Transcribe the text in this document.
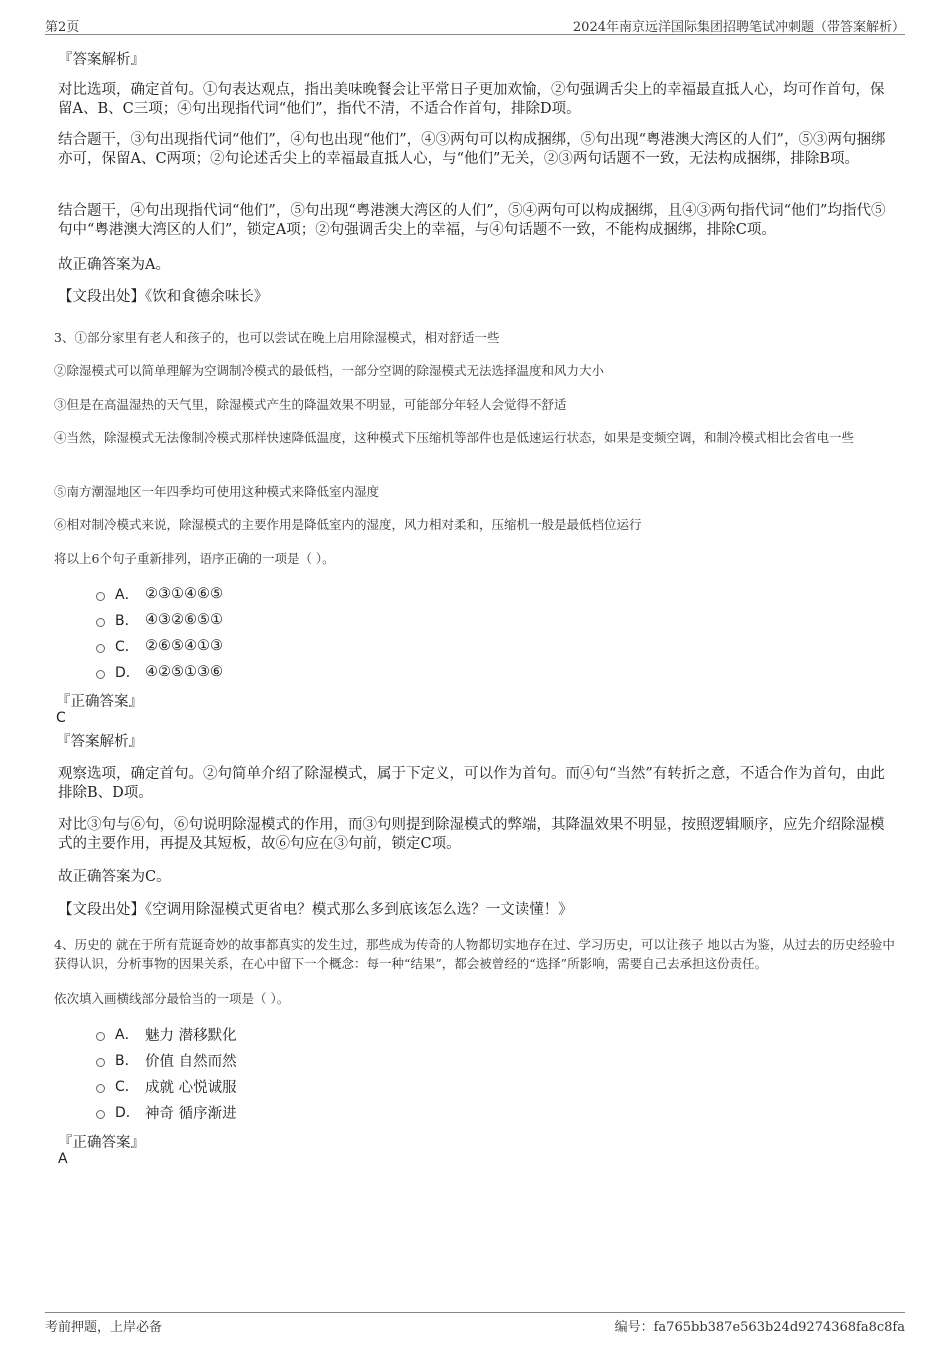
第2页	2024年南京远洋国际集团招聘笔试冲刺题（带答案解析）
『答案解析』
对比选项，确定首句。①句表达观点，指出美味晚餐会让平常日子更加欢愉，②句强调舌尖上的幸福最直抵人心，均可作首句，保留A、B、C三项；④句出现指代词“他们”，指代不清，不适合作首句，排除D项。
结合题干，③句出现指代词“他们”，④句也出现“他们”，④③两句可以构成捆绑，⑤句出现“粤港澳大湾区的人们”，⑤③两句捆绑亦可，保留A、C两项；②句论述舌尖上的幸福最直抵人心，与“他们”无关，②③两句话题不一致，无法构成捆绑，排除B项。
结合题干，④句出现指代词“他们”，⑤句出现“粤港澳大湾区的人们”，⑤④两句可以构成捆绑，且④③两句指代词“他们”均指代⑤句中“粤港澳大湾区的人们”，锁定A项；②句强调舌尖上的幸福，与④句话题不一致，不能构成捆绑，排除C项。
故正确答案为A。
【文段出处】《饮和食德余味长》
3、①部分家里有老人和孩子的，也可以尝试在晚上启用除湿模式，相对舒适一些
②除湿模式可以简单理解为空调制冷模式的最低档，一部分空调的除湿模式无法选择温度和风力大小
③但是在高温湿热的天气里，除湿模式产生的降温效果不明显，可能部分年轻人会觉得不舒适
④当然，除湿模式无法像制冷模式那样快速降低温度，这种模式下压缩机等部件也是低速运行状态，如果是变频空调，和制冷模式相比会省电一些
⑤南方潮湿地区一年四季均可使用这种模式来降低室内湿度
⑥相对制冷模式来说，除湿模式的主要作用是降低室内的湿度，风力相对柔和，压缩机一般是最低档位运行
将以上6个句子重新排列，语序正确的一项是（ ）。
A． ②③①④⑥⑤
B． ④③②⑥⑤①
C． ②⑥⑤④①③
D． ④②⑤①③⑥
『正确答案』
C
『答案解析』
观察选项，确定首句。②句简单介绍了除湿模式，属于下定义，可以作为首句。而④句“当然”有转折之意，不适合作为首句，由此排除B、D项。
对比③句与⑥句，⑥句说明除湿模式的作用，而③句则提到除湿模式的弊端，其降温效果不明显，按照逻辑顺序，应先介绍除湿模式的主要作用，再提及其短板，故⑥句应在③句前，锁定C项。
故正确答案为C。
【文段出处】《空调用除湿模式更省电？模式那么多到底该怎么选？一文读懂！》
4、历史的 就在于所有荒诞奇妙的故事都真实的发生过，那些成为传奇的人物都切实地存在过、学习历史，可以让孩子 地以古为鉴，从过去的历史经验中获得认识，分析事物的因果关系，在心中留下一个概念：每一种“结果”，都会被曾经的“选择”所影响，需要自己去承担这份责任。
依次填入画横线部分最恰当的一项是（ ）。
A． 魅力 潜移默化
B． 价值 自然而然
C． 成就 心悦诚服
D． 神奇 循序渐进
『正确答案』
A
考前押题，上岸必备	编号：fa765bb387e563b24d9274368fa8c8fa
